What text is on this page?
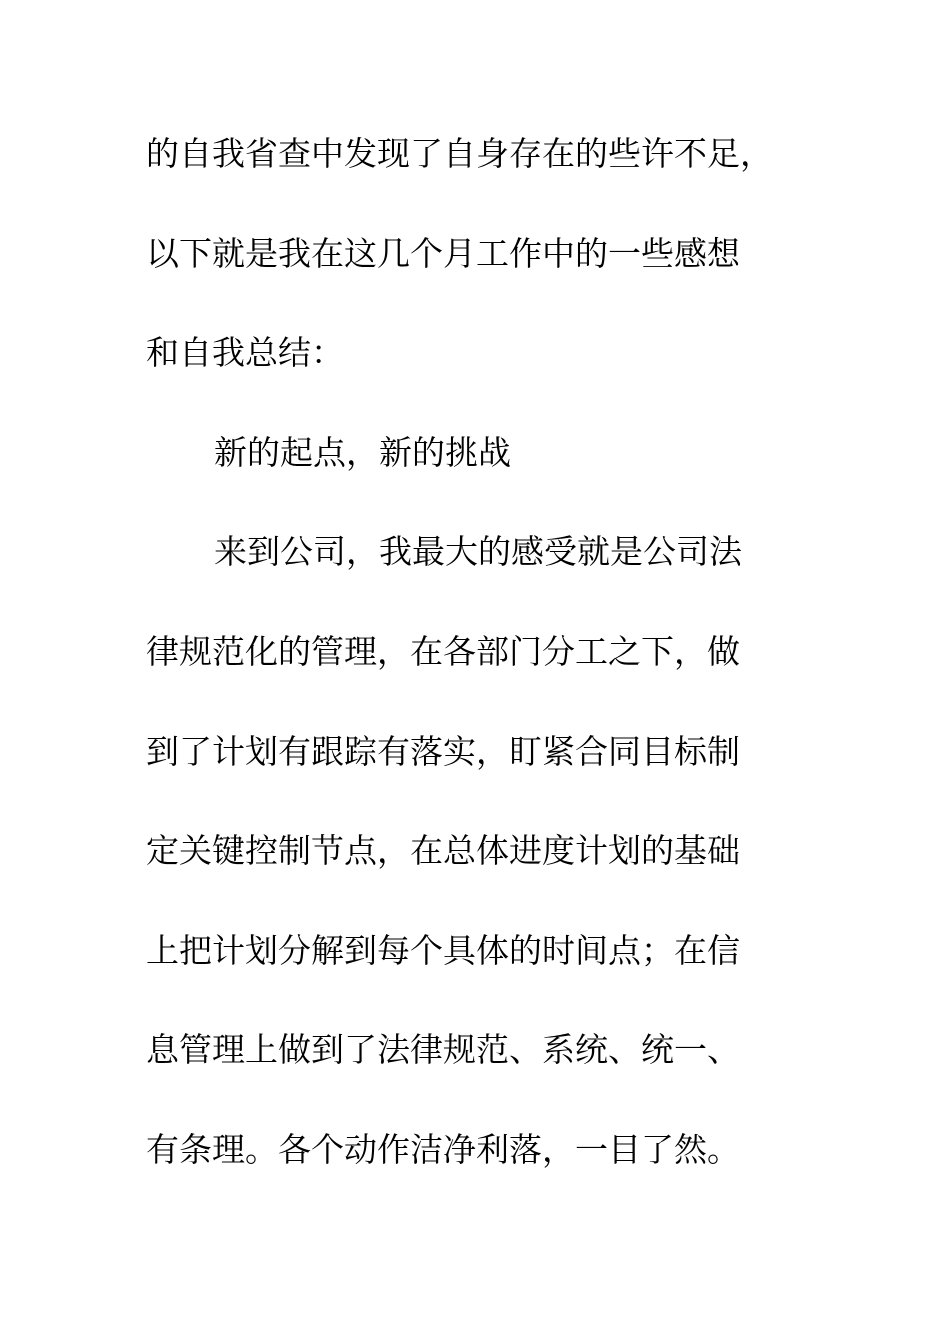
的自我省查中发现了自身存在的些许不足，
以下就是我在这几个月工作中的一些感想
和自我总结：
新的起点，新的挑战
来到公司，我最大的感受就是公司法
律规范化的管理，在各部门分工之下，做
到了计划有跟踪有落实，盯紧合同目标制
定关键控制节点，在总体进度计划的基础
上把计划分解到每个具体的时间点；在信
息管理上做到了法律规范、系统、统一、
有条理。各个动作洁净利落，一目了然。
